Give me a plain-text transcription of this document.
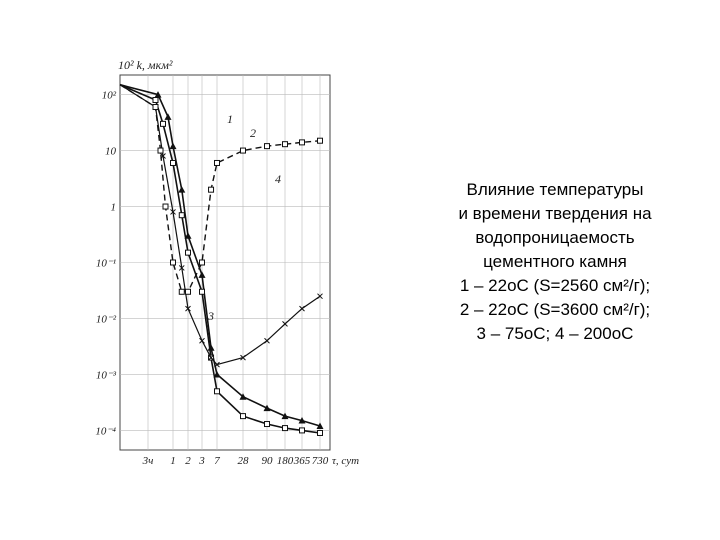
10²
10
1
10⁻¹
10⁻²
10⁻³
10⁻⁴
3ч 1 2 3 7 28 90 180 365 730 τ, сут
10² k, мкм²
1
2
3
4
Влияние температуры
и времени твердения на
водопроницаемость
цементного камня
1 – 22оС (S=2560 см²/г);
2 – 22оС (S=3600 см²/г);
3 – 75оС; 4 – 200оС
